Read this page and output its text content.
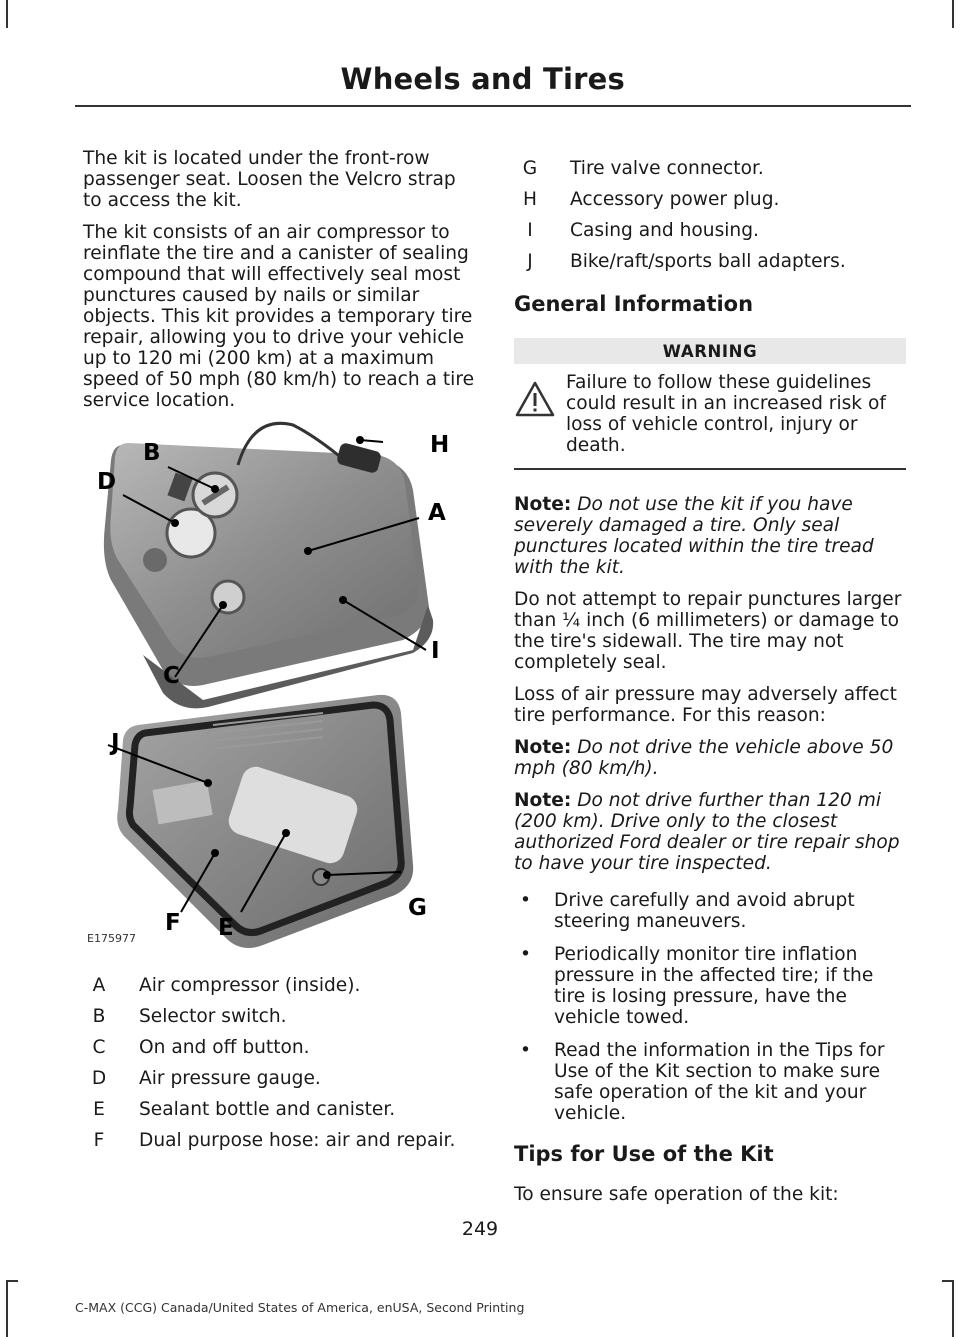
Wheels and Tires

The kit is located under the front-row passenger seat. Loosen the Velcro strap to access the kit.

The kit consists of an air compressor to reinflate the tire and a canister of sealing compound that will effectively seal most punctures caused by nails or similar objects. This kit provides a temporary tire repair, allowing you to drive your vehicle up to 120 mi (200 km) at a maximum speed of 50 mph (80 km/h) to reach a tire service location.

B
D
H
A
I
C
J
G
F E
E175977
A	Air compressor (inside).
B	Selector switch.
C	On and off button.
D	Air pressure gauge.
E	Sealant bottle and canister.
F	Dual purpose hose: air and repair.
G	Tire valve connector.
H	Accessory power plug.
I	Casing and housing.
J	Bike/raft/sports ball adapters.
General Information
WARNING
Failure to follow these guidelines could result in an increased risk of loss of vehicle control, injury or death.

Note: Do not use the kit if you have severely damaged a tire. Only seal punctures located within the tire tread with the kit.

Do not attempt to repair punctures larger than ¼ inch (6 millimeters) or damage to the tire's sidewall. The tire may not completely seal.

Loss of air pressure may adversely affect tire performance. For this reason:

Note: Do not drive the vehicle above 50 mph (80 km/h).

Note: Do not drive further than 120 mi (200 km). Drive only to the closest authorized Ford dealer or tire repair shop to have your tire inspected.

•	Drive carefully and avoid abrupt steering maneuvers.
•	Periodically monitor tire inflation pressure in the affected tire; if the tire is losing pressure, have the vehicle towed.
•	Read the information in the Tips for Use of the Kit section to make sure safe operation of the kit and your vehicle.
Tips for Use of the Kit

To ensure safe operation of the kit:

249
C-MAX (CCG) Canada/United States of America, enUSA, Second Printing
